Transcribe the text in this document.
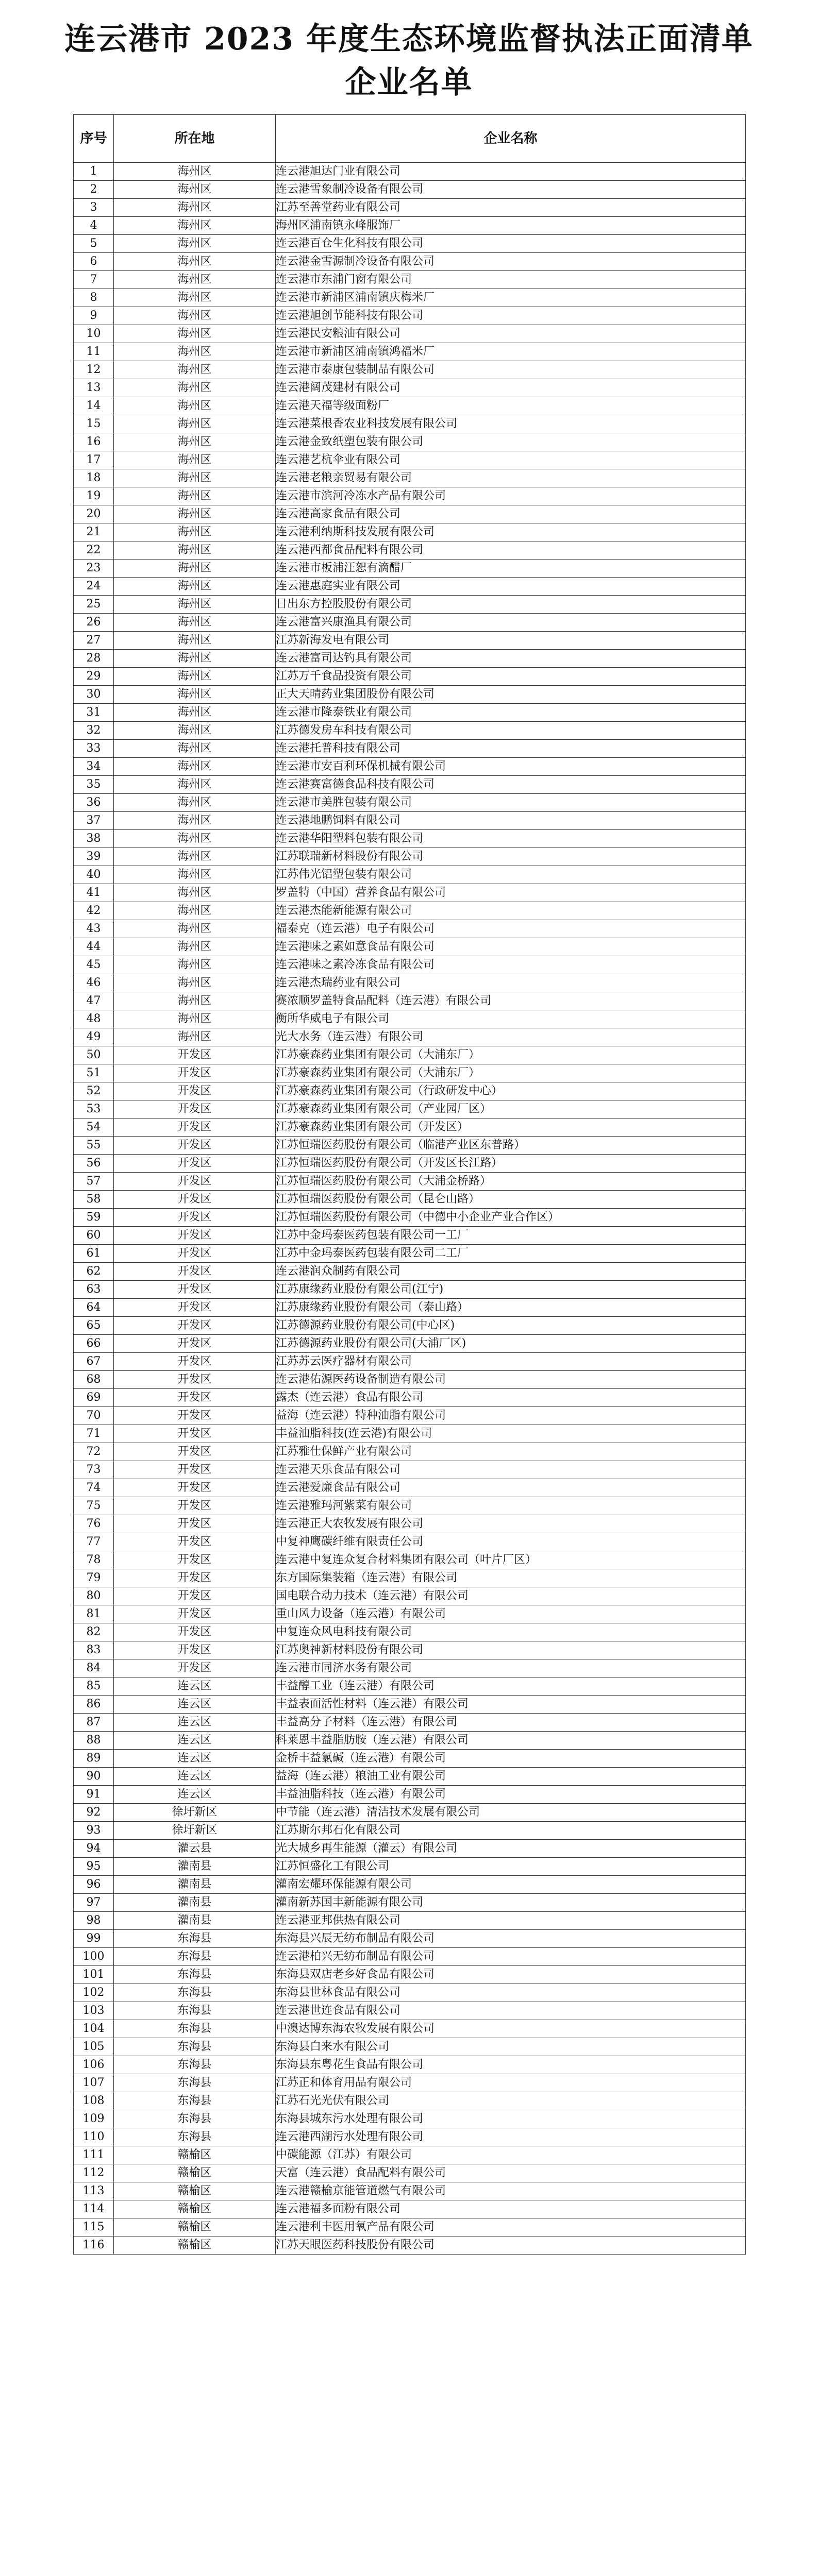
连云港市 2023 年度生态环境监督执法正面清单
企业名单
序号	所在地	企业名称
1	海州区	连云港旭达门业有限公司
2	海州区	连云港雪象制冷设备有限公司
3	海州区	江苏至善堂药业有限公司
4	海州区	海州区浦南镇永峰服饰厂
5	海州区	连云港百仓生化科技有限公司
6	海州区	连云港金雪源制冷设备有限公司
7	海州区	连云港市东浦门窗有限公司
8	海州区	连云港市新浦区浦南镇庆梅米厂
9	海州区	连云港旭创节能科技有限公司
10	海州区	连云港民安粮油有限公司
11	海州区	连云港市新浦区浦南镇鸿福米厂
12	海州区	连云港市泰康包装制品有限公司
13	海州区	连云港阔茂建材有限公司
14	海州区	连云港天福等级面粉厂
15	海州区	连云港菜根香农业科技发展有限公司
16	海州区	连云港金致纸塑包装有限公司
17	海州区	连云港艺杭伞业有限公司
18	海州区	连云港老粮亲贸易有限公司
19	海州区	连云港市滨河冷冻水产品有限公司
20	海州区	连云港高家食品有限公司
21	海州区	连云港利纳斯科技发展有限公司
22	海州区	连云港西都食品配料有限公司
23	海州区	连云港市板浦汪恕有滴醋厂
24	海州区	连云港惠庭实业有限公司
25	海州区	日出东方控股股份有限公司
26	海州区	连云港富兴康渔具有限公司
27	海州区	江苏新海发电有限公司
28	海州区	连云港富司达钓具有限公司
29	海州区	江苏万千食品投资有限公司
30	海州区	正大天晴药业集团股份有限公司
31	海州区	连云港市隆泰铁业有限公司
32	海州区	江苏德发房车科技有限公司
33	海州区	连云港托普科技有限公司
34	海州区	连云港市安百利环保机械有限公司
35	海州区	连云港赛富德食品科技有限公司
36	海州区	连云港市美胜包装有限公司
37	海州区	连云港地鹏饲料有限公司
38	海州区	连云港华阳塑料包装有限公司
39	海州区	江苏联瑞新材料股份有限公司
40	海州区	江苏伟光铝塑包装有限公司
41	海州区	罗盖特（中国）营养食品有限公司
42	海州区	连云港杰能新能源有限公司
43	海州区	福泰克（连云港）电子有限公司
44	海州区	连云港味之素如意食品有限公司
45	海州区	连云港味之素冷冻食品有限公司
46	海州区	连云港杰瑞药业有限公司
47	海州区	赛浓顺罗盖特食品配料（连云港）有限公司
48	海州区	衡所华威电子有限公司
49	海州区	光大水务（连云港）有限公司
50	开发区	江苏豪森药业集团有限公司（大浦东厂）
51	开发区	江苏豪森药业集团有限公司（大浦东厂）
52	开发区	江苏豪森药业集团有限公司（行政研发中心）
53	开发区	江苏豪森药业集团有限公司（产业园厂区）
54	开发区	江苏豪森药业集团有限公司（开发区）
55	开发区	江苏恒瑞医药股份有限公司（临港产业区东普路）
56	开发区	江苏恒瑞医药股份有限公司（开发区长江路）
57	开发区	江苏恒瑞医药股份有限公司（大浦金桥路）
58	开发区	江苏恒瑞医药股份有限公司（昆仑山路）
59	开发区	江苏恒瑞医药股份有限公司（中德中小企业产业合作区）
60	开发区	江苏中金玛泰医药包装有限公司一工厂
61	开发区	江苏中金玛泰医药包装有限公司二工厂
62	开发区	连云港润众制药有限公司
63	开发区	江苏康缘药业股份有限公司(江宁)
64	开发区	江苏康缘药业股份有限公司（泰山路）
65	开发区	江苏德源药业股份有限公司(中心区)
66	开发区	江苏德源药业股份有限公司(大浦厂区)
67	开发区	江苏苏云医疗器材有限公司
68	开发区	连云港佑源医药设备制造有限公司
69	开发区	露杰（连云港）食品有限公司
70	开发区	益海（连云港）特种油脂有限公司
71	开发区	丰益油脂科技(连云港)有限公司
72	开发区	江苏雅仕保鲜产业有限公司
73	开发区	连云港天乐食品有限公司
74	开发区	连云港爱廉食品有限公司
75	开发区	连云港雅玛河紫菜有限公司
76	开发区	连云港正大农牧发展有限公司
77	开发区	中复神鹰碳纤维有限责任公司
78	开发区	连云港中复连众复合材料集团有限公司（叶片厂区）
79	开发区	东方国际集装箱（连云港）有限公司
80	开发区	国电联合动力技术（连云港）有限公司
81	开发区	重山风力设备（连云港）有限公司
82	开发区	中复连众风电科技有限公司
83	开发区	江苏奥神新材料股份有限公司
84	开发区	连云港市同济水务有限公司
85	连云区	丰益醇工业（连云港）有限公司
86	连云区	丰益表面活性材料（连云港）有限公司
87	连云区	丰益高分子材料（连云港）有限公司
88	连云区	科莱恩丰益脂肪胺（连云港）有限公司
89	连云区	金桥丰益氯碱（连云港）有限公司
90	连云区	益海（连云港）粮油工业有限公司
91	连云区	丰益油脂科技（连云港）有限公司
92	徐圩新区	中节能（连云港）清洁技术发展有限公司
93	徐圩新区	江苏斯尔邦石化有限公司
94	灌云县	光大城乡再生能源（灌云）有限公司
95	灌南县	江苏恒盛化工有限公司
96	灌南县	灌南宏耀环保能源有限公司
97	灌南县	灌南新苏国丰新能源有限公司
98	灌南县	连云港亚邦供热有限公司
99	东海县	东海县兴辰无纺布制品有限公司
100	东海县	连云港柏兴无纺布制品有限公司
101	东海县	东海县双店老乡好食品有限公司
102	东海县	东海县世林食品有限公司
103	东海县	连云港世连食品有限公司
104	东海县	中澳达博东海农牧发展有限公司
105	东海县	东海县白来水有限公司
106	东海县	东海县东粤花生食品有限公司
107	东海县	江苏正和体育用品有限公司
108	东海县	江苏石光光伏有限公司
109	东海县	东海县城东污水处理有限公司
110	东海县	连云港西湖污水处理有限公司
111	赣榆区	中碳能源（江苏）有限公司
112	赣榆区	天富（连云港）食品配料有限公司
113	赣榆区	连云港赣榆京能管道燃气有限公司
114	赣榆区	连云港福多面粉有限公司
115	赣榆区	连云港利丰医用氧产品有限公司
116	赣榆区	江苏天眼医药科技股份有限公司
